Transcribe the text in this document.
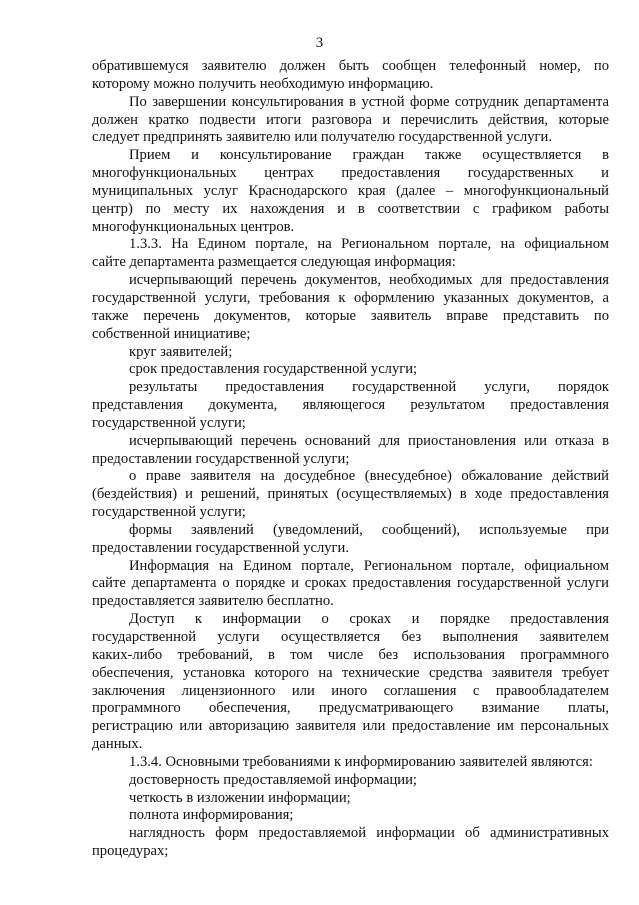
3
обратившемуся заявителю должен быть сообщен телефонный номер, по
которому можно получить необходимую информацию.
По завершении консультирования в устной форме сотрудник департамента
должен кратко подвести итоги разговора и перечислить действия, которые
следует предпринять заявителю или получателю государственной услуги.
Прием и консультирование граждан также осуществляется в
многофункциональных центрах предоставления государственных и
муниципальных услуг Краснодарского края (далее – многофункциональный
центр) по месту их нахождения и в соответствии с графиком работы
многофункциональных центров.
1.3.3. На Едином портале, на Региональном портале, на официальном
сайте департамента размещается следующая информация:
исчерпывающий перечень документов, необходимых для предоставления
государственной услуги, требования к оформлению указанных документов, а
также перечень документов, которые заявитель вправе представить по
собственной инициативе;
круг заявителей;
срок предоставления государственной услуги;
результаты предоставления государственной услуги, порядок
представления документа, являющегося результатом предоставления
государственной услуги;
исчерпывающий перечень оснований для приостановления или отказа в
предоставлении государственной услуги;
о праве заявителя на досудебное (внесудебное) обжалование действий
(бездействия) и решений, принятых (осуществляемых) в ходе предоставления
государственной услуги;
формы заявлений (уведомлений, сообщений), используемые при
предоставлении государственной услуги.
Информация на Едином портале, Региональном портале, официальном
сайте департамента о порядке и сроках предоставления государственной услуги
предоставляется заявителю бесплатно.
Доступ к информации о сроках и порядке предоставления
государственной услуги осуществляется без выполнения заявителем
каких-либо требований, в том числе без использования программного
обеспечения, установка которого на технические средства заявителя требует
заключения лицензионного или иного соглашения с правообладателем
программного обеспечения, предусматривающего взимание платы,
регистрацию или авторизацию заявителя или предоставление им персональных
данных.
1.3.4. Основными требованиями к информированию заявителей являются:
достоверность предоставляемой информации;
четкость в изложении информации;
полнота информирования;
наглядность форм предоставляемой информации об административных
процедурах;
